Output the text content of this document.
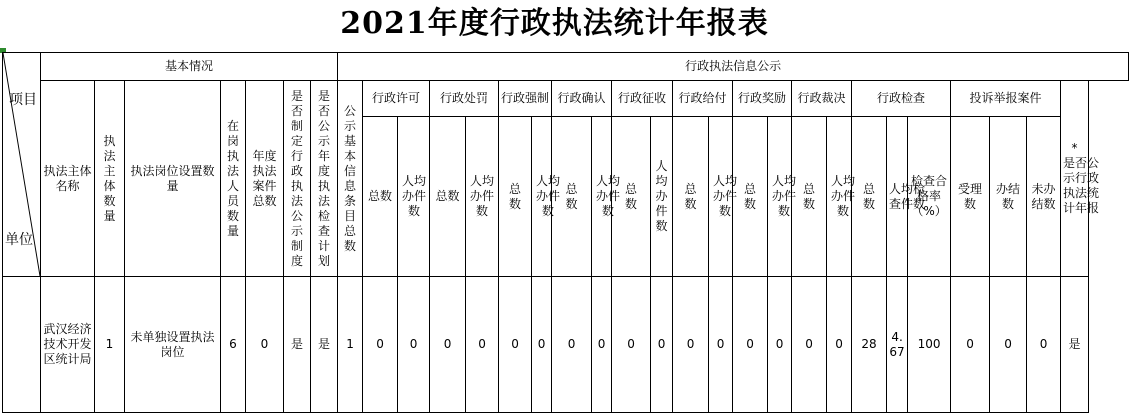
2021年度行政执法统计年报表
项目
单位	基本情况							行政执法信息公示																							
	执法主体名称	执法主体数量	执法岗位设置数量	在岗执法人员数量	年度执法案件总数	是否制定行政执法公示制度	是否公示年度执法检查计划	公示基本信息条目总数	行政许可		行政处罚		行政强制		行政确认		行政征收		行政给付		行政奖励		行政裁决		行政检查			投诉举报案件			*
是否公示行政执法统计年报
									总数	人均办件数	总数	人均办件数	总数	人均办件数	总数	人均办件数	总数	人均办件数	总数	人均办件数	总数	人均办件数	总数	人均办件数	总数	人均检查件数	检查合格率（%）	受理数	办结数	未办结数	
	武汉经济技术开发区统计局	1	未单独设置执法岗位	6	0	是	是	1	0	0	0	0	0	0	0	0	0	0	0	0	0	0	0	0	28	4.67	100	0	0	0	是
